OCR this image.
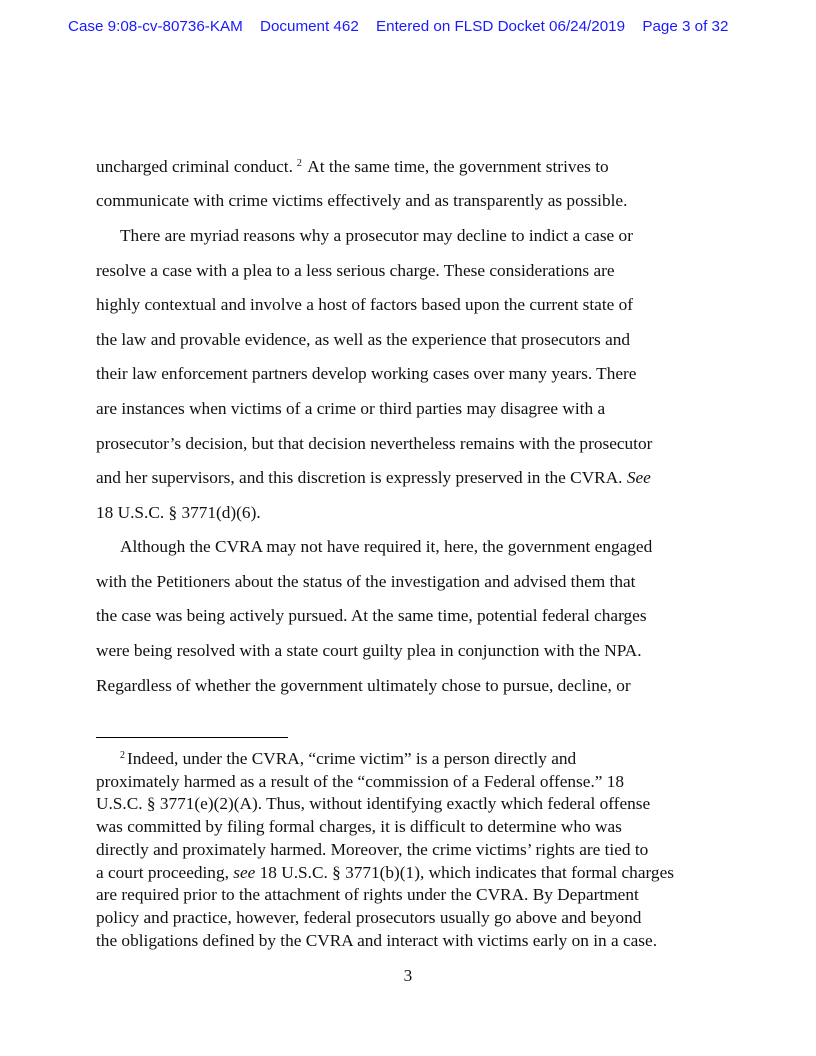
Case 9:08-cv-80736-KAM Document 462 Entered on FLSD Docket 06/24/2019 Page 3 of 32
uncharged criminal conduct. $^2$ At the same time, the government strives to
communicate with crime victims effectively and as transparently as possible.
There are myriad reasons why a prosecutor may decline to indict a case or
resolve a case with a plea to a less serious charge. These considerations are
highly contextual and involve a host of factors based upon the current state of
the law and provable evidence, as well as the experience that prosecutors and
their law enforcement partners develop working cases over many years. There
are instances when victims of a crime or third parties may disagree with a
prosecutor’s decision, but that decision nevertheless remains with the prosecutor
and her supervisors, and this discretion is expressly preserved in the CVRA. See
18 U.S.C. § 3771(d)(6).
Although the CVRA may not have required it, here, the government engaged
with the Petitioners about the status of the investigation and advised them that
the case was being actively pursued. At the same time, potential federal charges
were being resolved with a state court guilty plea in conjunction with the NPA.
Regardless of whether the government ultimately chose to pursue, decline, or
$^2$ Indeed, under the CVRA, “crime victim” is a person directly and
proximately harmed as a result of the “commission of a Federal offense.” 18
U.S.C. § 3771(e)(2)(A). Thus, without identifying exactly which federal offense
was committed by filing formal charges, it is difficult to determine who was
directly and proximately harmed. Moreover, the crime victims’ rights are tied to
a court proceeding, see 18 U.S.C. § 3771(b)(1), which indicates that formal charges
are required prior to the attachment of rights under the CVRA. By Department
policy and practice, however, federal prosecutors usually go above and beyond
the obligations defined by the CVRA and interact with victims early on in a case.
3
